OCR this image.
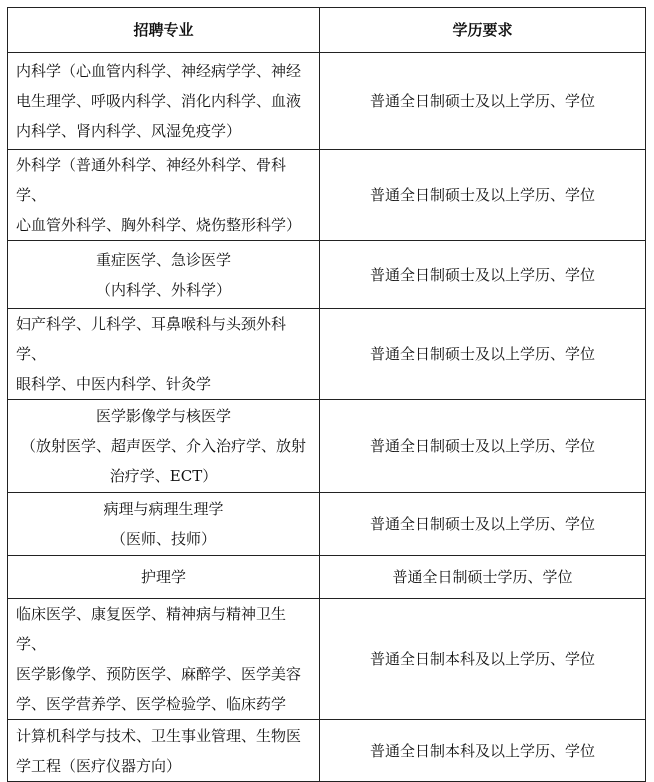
招聘专业	学历要求

内科学（心血管内科学、神经病学学、神经
电生理学、呼吸内科学、消化内科学、血液
内科学、肾内科学、风湿免疫学）	普通全日制硕士及以上学历、学位

外科学（普通外科学、神经外科学、骨科学、
心血管外科学、胸外科学、烧伤整形科学）	普通全日制硕士及以上学历、学位

重症医学、急诊医学
（内科学、外科学）	普通全日制硕士及以上学历、学位

妇产科学、儿科学、耳鼻喉科与头颈外科学、
眼科学、中医内科学、针灸学	普通全日制硕士及以上学历、学位

医学影像学与核医学
（放射医学、超声医学、介入治疗学、放射
治疗学、ECT）	普通全日制硕士及以上学历、学位

病理与病理生理学
（医师、技师）	普通全日制硕士及以上学历、学位

护理学	普通全日制硕士学历、学位

临床医学、康复医学、精神病与精神卫生学、
医学影像学、预防医学、麻醉学、医学美容
学、医学营养学、医学检验学、临床药学	普通全日制本科及以上学历、学位

计算机科学与技术、卫生事业管理、生物医
学工程（医疗仪器方向）	普通全日制本科及以上学历、学位
